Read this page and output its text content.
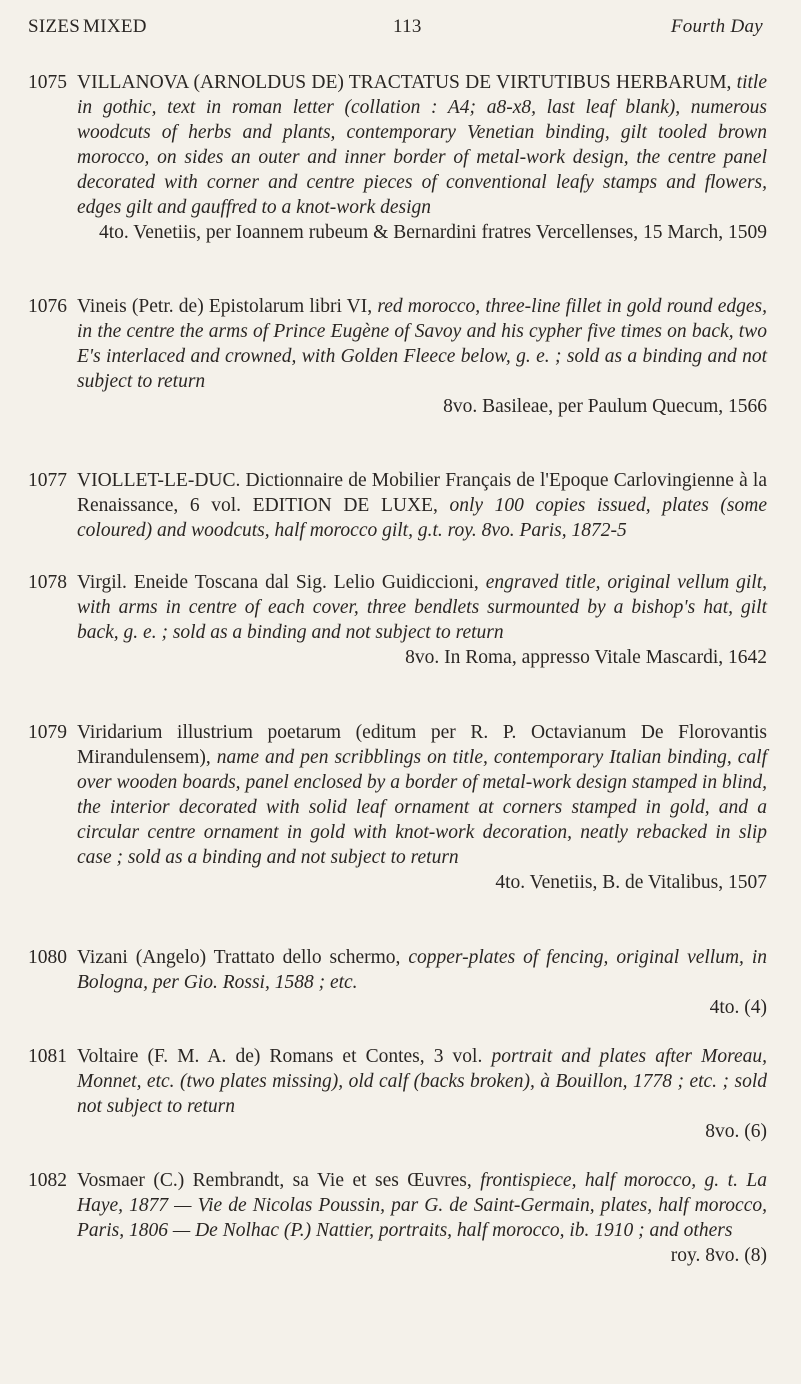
SIZES MIXED	113	Fourth Day
1075 VILLANOVA (ARNOLDUS DE) TRACTATUS DE VIRTUTIBUS HERBARUM, title in gothic, text in roman letter (collation : A4; a8-x8, last leaf blank), numerous woodcuts of herbs and plants, contemporary Venetian binding, gilt tooled brown morocco, on sides an outer and inner border of metal-work design, the centre panel decorated with corner and centre pieces of conventional leafy stamps and flowers, edges gilt and gauffred to a knot-work design
4to. Venetiis, per Ioannem rubeum & Bernardini fratres Vercellenses, 15 March, 1509
1076 Vineis (Petr. de) Epistolarum libri VI, red morocco, three-line fillet in gold round edges, in the centre the arms of Prince Eugène of Savoy and his cypher five times on back, two E's interlaced and crowned, with Golden Fleece below, g. e. ; sold as a binding and not subject to return
8vo. Basileae, per Paulum Quecum, 1566
1077 VIOLLET-LE-DUC. Dictionnaire de Mobilier Français de l'Epoque Carlovingienne à la Renaissance, 6 vol. EDITION DE LUXE, only 100 copies issued, plates (some coloured) and woodcuts, half morocco gilt, g.t. roy. 8vo. Paris, 1872-5
1078 Virgil. Eneide Toscana dal Sig. Lelio Guidiccioni, engraved title, original vellum gilt, with arms in centre of each cover, three bendlets surmounted by a bishop's hat, gilt back, g. e. ; sold as a binding and not subject to return
8vo. In Roma, appresso Vitale Mascardi, 1642
1079 Viridarium illustrium poetarum (editum per R. P. Octavianum De Florovantis Mirandulensem), name and pen scribblings on title, contemporary Italian binding, calf over wooden boards, panel enclosed by a border of metal-work design stamped in blind, the interior decorated with solid leaf ornament at corners stamped in gold, and a circular centre ornament in gold with knot-work decoration, neatly rebacked in slip case ; sold as a binding and not subject to return
4to. Venetiis, B. de Vitalibus, 1507
1080 Vizani (Angelo) Trattato dello schermo, copper-plates of fencing, original vellum, in Bologna, per Gio. Rossi, 1588 ; etc.
4to. (4)
1081 Voltaire (F. M. A. de) Romans et Contes, 3 vol. portrait and plates after Moreau, Monnet, etc. (two plates missing), old calf (backs broken), à Bouillon, 1778 ; etc. ; sold not subject to return
8vo. (6)
1082 Vosmaer (C.) Rembrandt, sa Vie et ses Œuvres, frontispiece, half morocco, g. t. La Haye, 1877 — Vie de Nicolas Poussin, par G. de Saint-Germain, plates, half morocco, Paris, 1806 — De Nolhac (P.) Nattier, portraits, half morocco, ib. 1910 ; and others
roy. 8vo. (8)
